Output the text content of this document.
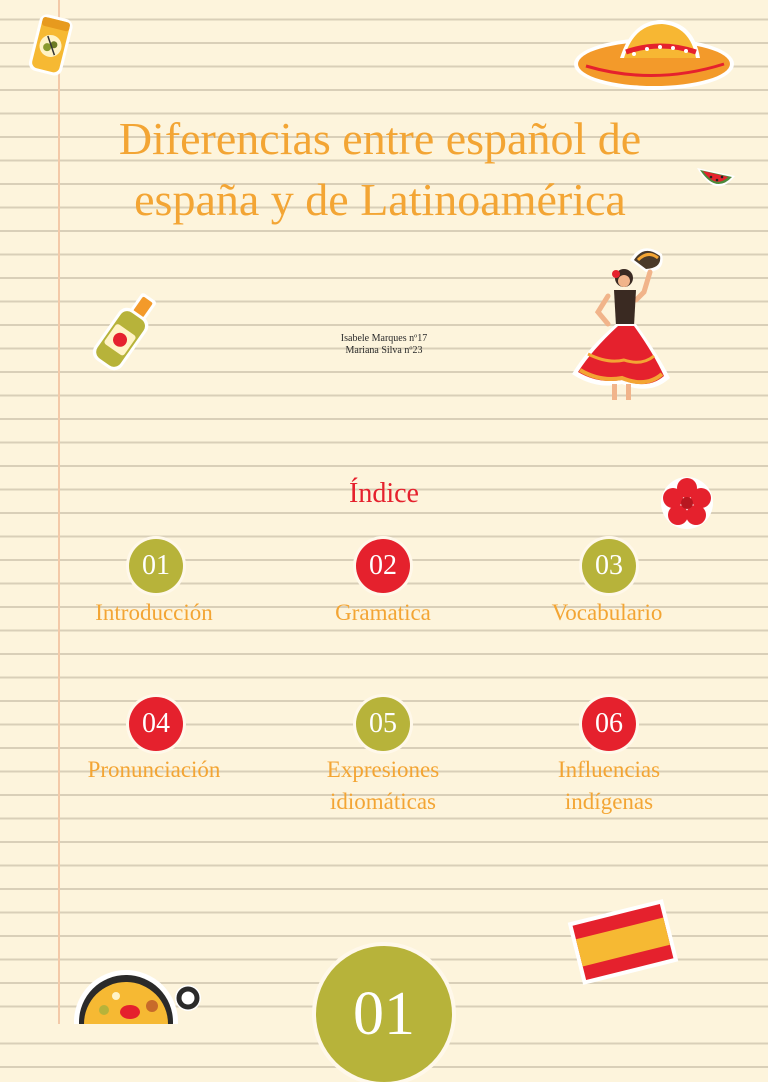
Diferencias entre español de
españa y de Latinoamérica
Isabele Marques nº17
Mariana Silva nº23
Índice
01
Introducción
02
Gramatica
03
Vocabulario
04
Pronunciación
05
Expresiones
idiomáticas
06
Influencias
indígenas
01
